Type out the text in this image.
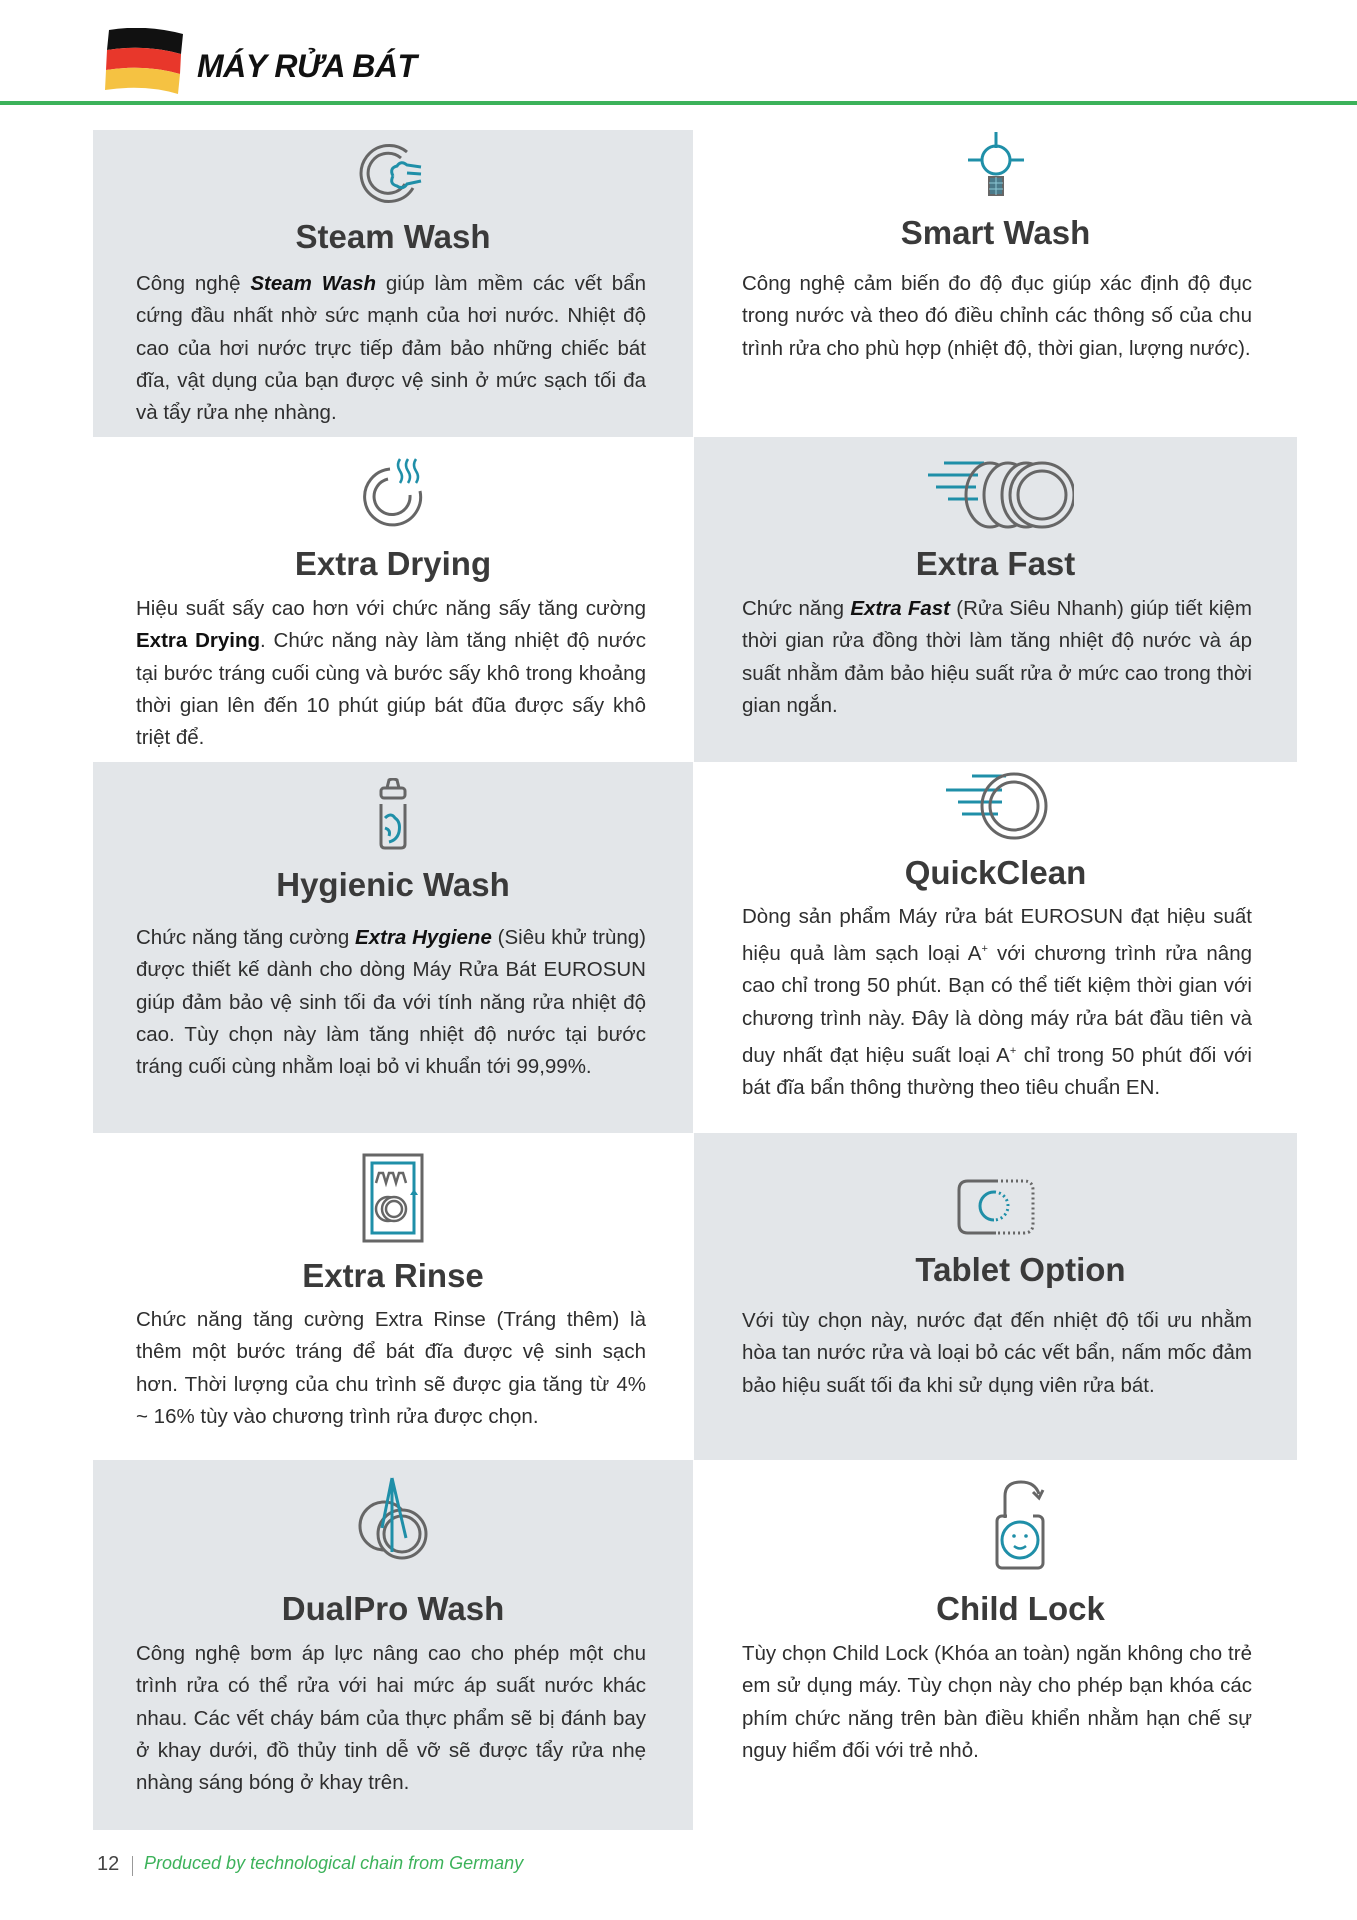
MÁY RỬA BÁT
Steam Wash
Công nghệ Steam Wash giúp làm mềm các vết bẩn cứng đầu nhất nhờ sức mạnh của hơi nước. Nhiệt độ cao của hơi nước trực tiếp đảm bảo những chiếc bát đĩa, vật dụng của bạn được vệ sinh ở mức sạch tối đa và tẩy rửa nhẹ nhàng.
Smart Wash
Công nghệ cảm biến đo độ đục giúp xác định độ đục trong nước và theo đó điều chỉnh các thông số của chu trình rửa cho phù hợp (nhiệt độ, thời gian, lượng nước).
Extra Drying
Hiệu suất sấy cao hơn với chức năng sấy tăng cường Extra Drying. Chức năng này làm tăng nhiệt độ nước tại bước tráng cuối cùng và bước sấy khô trong khoảng thời gian lên đến 10 phút giúp bát đũa được sấy khô triệt để.
Extra Fast
Chức năng Extra Fast (Rửa Siêu Nhanh) giúp tiết kiệm thời gian rửa đồng thời làm tăng nhiệt độ nước và áp suất nhằm đảm bảo hiệu suất rửa ở mức cao trong thời gian ngắn.
Hygienic Wash
Chức năng tăng cường Extra Hygiene (Siêu khử trùng) được thiết kế dành cho dòng Máy Rửa Bát EUROSUN giúp đảm bảo vệ sinh tối đa với tính năng rửa nhiệt độ cao. Tùy chọn này làm tăng nhiệt độ nước tại bước tráng cuối cùng nhằm loại bỏ vi khuẩn tới 99,99%.
QuickClean
Dòng sản phẩm Máy rửa bát EUROSUN đạt hiệu suất hiệu quả làm sạch loại A+ với chương trình rửa nâng cao chỉ trong 50 phút. Bạn có thể tiết kiệm thời gian với chương trình này. Đây là dòng máy rửa bát đầu tiên và duy nhất đạt hiệu suất loại A+ chỉ trong 50 phút đối với bát đĩa bẩn thông thường theo tiêu chuẩn EN.
Extra Rinse
Chức năng tăng cường Extra Rinse (Tráng thêm) là thêm một bước tráng để bát đĩa được vệ sinh sạch hơn. Thời lượng của chu trình sẽ được gia tăng từ 4% ~ 16% tùy vào chương trình rửa được chọn.
Tablet Option
Với tùy chọn này, nước đạt đến nhiệt độ tối ưu nhằm hòa tan nước rửa và loại bỏ các vết bẩn, nấm mốc đảm bảo hiệu suất tối đa khi sử dụng viên rửa bát.
DualPro Wash
Công nghệ bơm áp lực nâng cao cho phép một chu trình rửa có thể rửa với hai mức áp suất nước khác nhau. Các vết cháy bám của thực phẩm sẽ bị đánh bay ở khay dưới, đồ thủy tinh dễ vỡ sẽ được tẩy rửa nhẹ nhàng sáng bóng ở khay trên.
Child Lock
Tùy chọn Child Lock (Khóa an toàn) ngăn không cho trẻ em sử dụng máy. Tùy chọn này cho phép bạn khóa các phím chức năng trên bàn điều khiển nhằm hạn chế sự nguy hiểm đối với trẻ nhỏ.
12 Produced by technological chain from Germany
